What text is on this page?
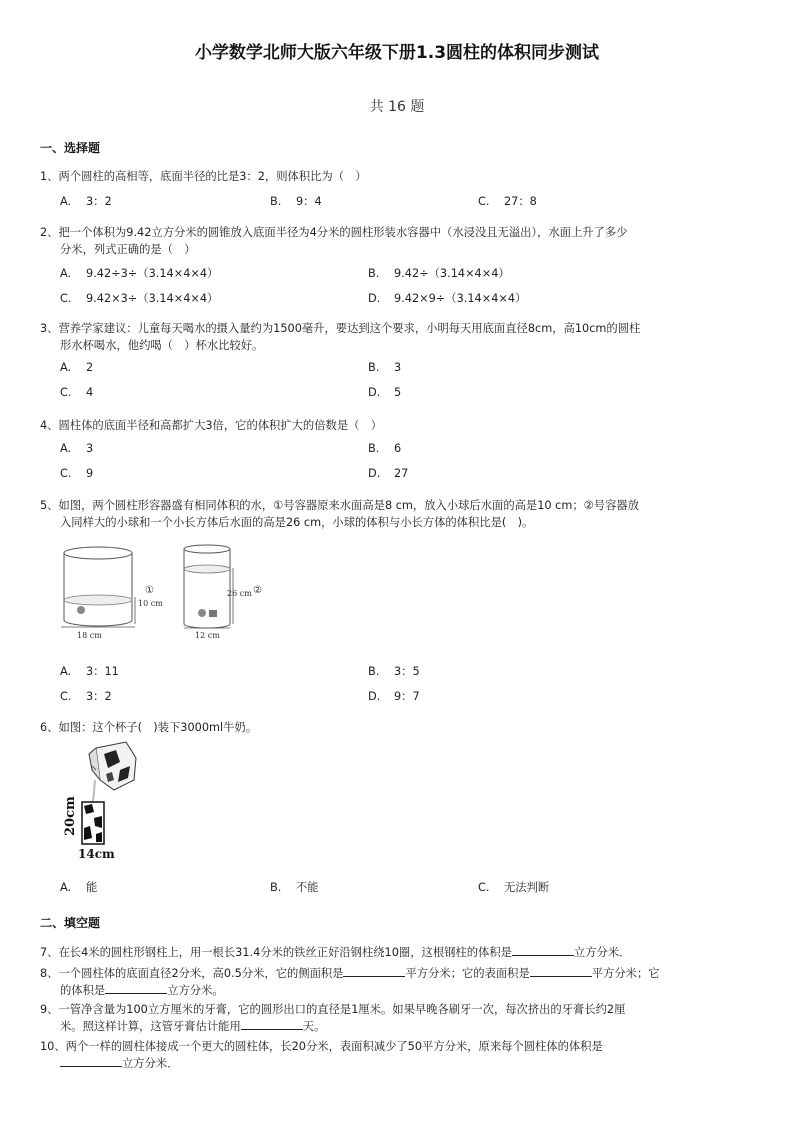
小学数学北师大版六年级下册1.3圆柱的体积同步测试
共 16 题
一、选择题
1、两个圆柱的高相等，底面半径的比是3：2，则体积比为（　）
A. 3：2	B. 9：4	C. 27：8
2、把一个体积为9.42立方分米的圆锥放入底面半径为4分米的圆柱形装水容器中（水浸没且无溢出），水面上升了多少
分米，列式正确的是（　）
A. 9.42÷3÷（3.14×4×4）	B. 9.42÷（3.14×4×4）
C. 9.42×3÷（3.14×4×4）	D. 9.42×9÷（3.14×4×4）
3、营养学家建议：儿童每天喝水的摄入量约为1500毫升，要达到这个要求，小明每天用底面直径8cm，高10cm的圆柱
形水杯喝水，他约喝（　）杯水比较好。
A. 2	B. 3
C. 4	D. 5
4、圆柱体的底面半径和高都扩大3倍，它的体积扩大的倍数是（　）
A. 3	B. 6
C. 9	D. 27
5、如图，两个圆柱形容器盛有相同体积的水，①号容器原来水面高是8 cm，放入小球后水面的高是10 cm；②号容器放
入同样大的小球和一个小长方体后水面的高是26 cm，小球的体积与小长方体的体积比是(　)。
10 cm
18 cm
①	26 cm
12 cm
②
A. 3：11	B. 3：5
C. 3：2	D. 9：7
6、如图：这个杯子(　)装下3000ml牛奶。
20cm
14cm
A. 能	B. 不能	C. 无法判断
二、填空题
7、在长4米的圆柱形钢柱上，用一根长31.4分米的铁丝正好沿钢柱绕10圈，这根钢柱的体积是	立方分米．
8、一个圆柱体的底面直径2分米，高0.5分米，它的侧面积是	平方分米；它的表面积是	平方分米；它
的体积是	立方分米。
9、一管净含量为100立方厘米的牙膏，它的圆形出口的直径是1厘米。如果早晚各刷牙一次，每次挤出的牙膏长约2厘
米。照这样计算，这管牙膏估计能用	天。
10、两个一样的圆柱体接成一个更大的圆柱体，长20分米，表面积减少了50平方分米，原来每个圆柱体的体积是
立方分米．
